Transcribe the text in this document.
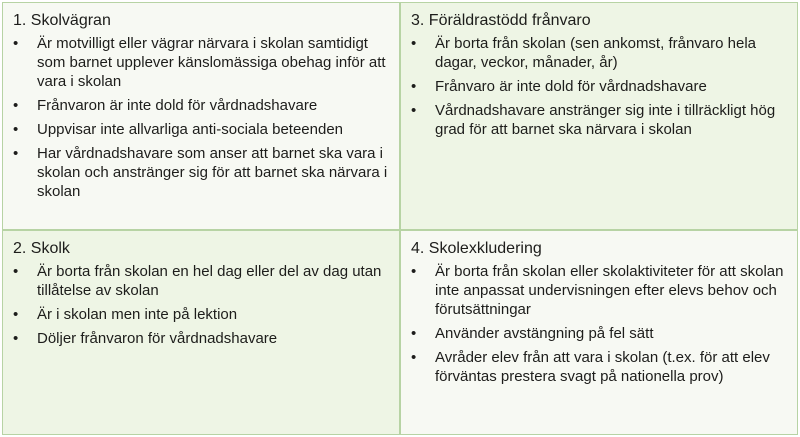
1. Skolvägran
• Är motvilligt eller vägrar närvara i skolan samtidigt som barnet upplever känslomässiga obehag inför att vara i skolan
• Frånvaron är inte dold för vårdnadshavare
• Uppvisar inte allvarliga anti-sociala beteenden
• Har vårdnadshavare som anser att barnet ska vara i skolan och anstränger sig för att barnet ska närvara i skolan
3. Föräldrastödd frånvaro
• Är borta från skolan (sen ankomst, frånvaro hela dagar, veckor, månader, år)
• Frånvaro är inte dold för vårdnadshavare
• Vårdnadshavare anstränger sig inte i tillräckligt hög grad för att barnet ska närvara i skolan
2. Skolk
• Är borta från skolan en hel dag eller del av dag utan tillåtelse av skolan
• Är i skolan men inte på lektion
• Döljer frånvaron för vårdnadshavare
4. Skolexkludering
• Är borta från skolan eller skolaktiviteter för att skolan inte anpassat undervisningen efter elevs behov och förutsättningar
• Använder avstängning på fel sätt
• Avråder elev från att vara i skolan (t.ex. för att elev förväntas prestera svagt på nationella prov)
